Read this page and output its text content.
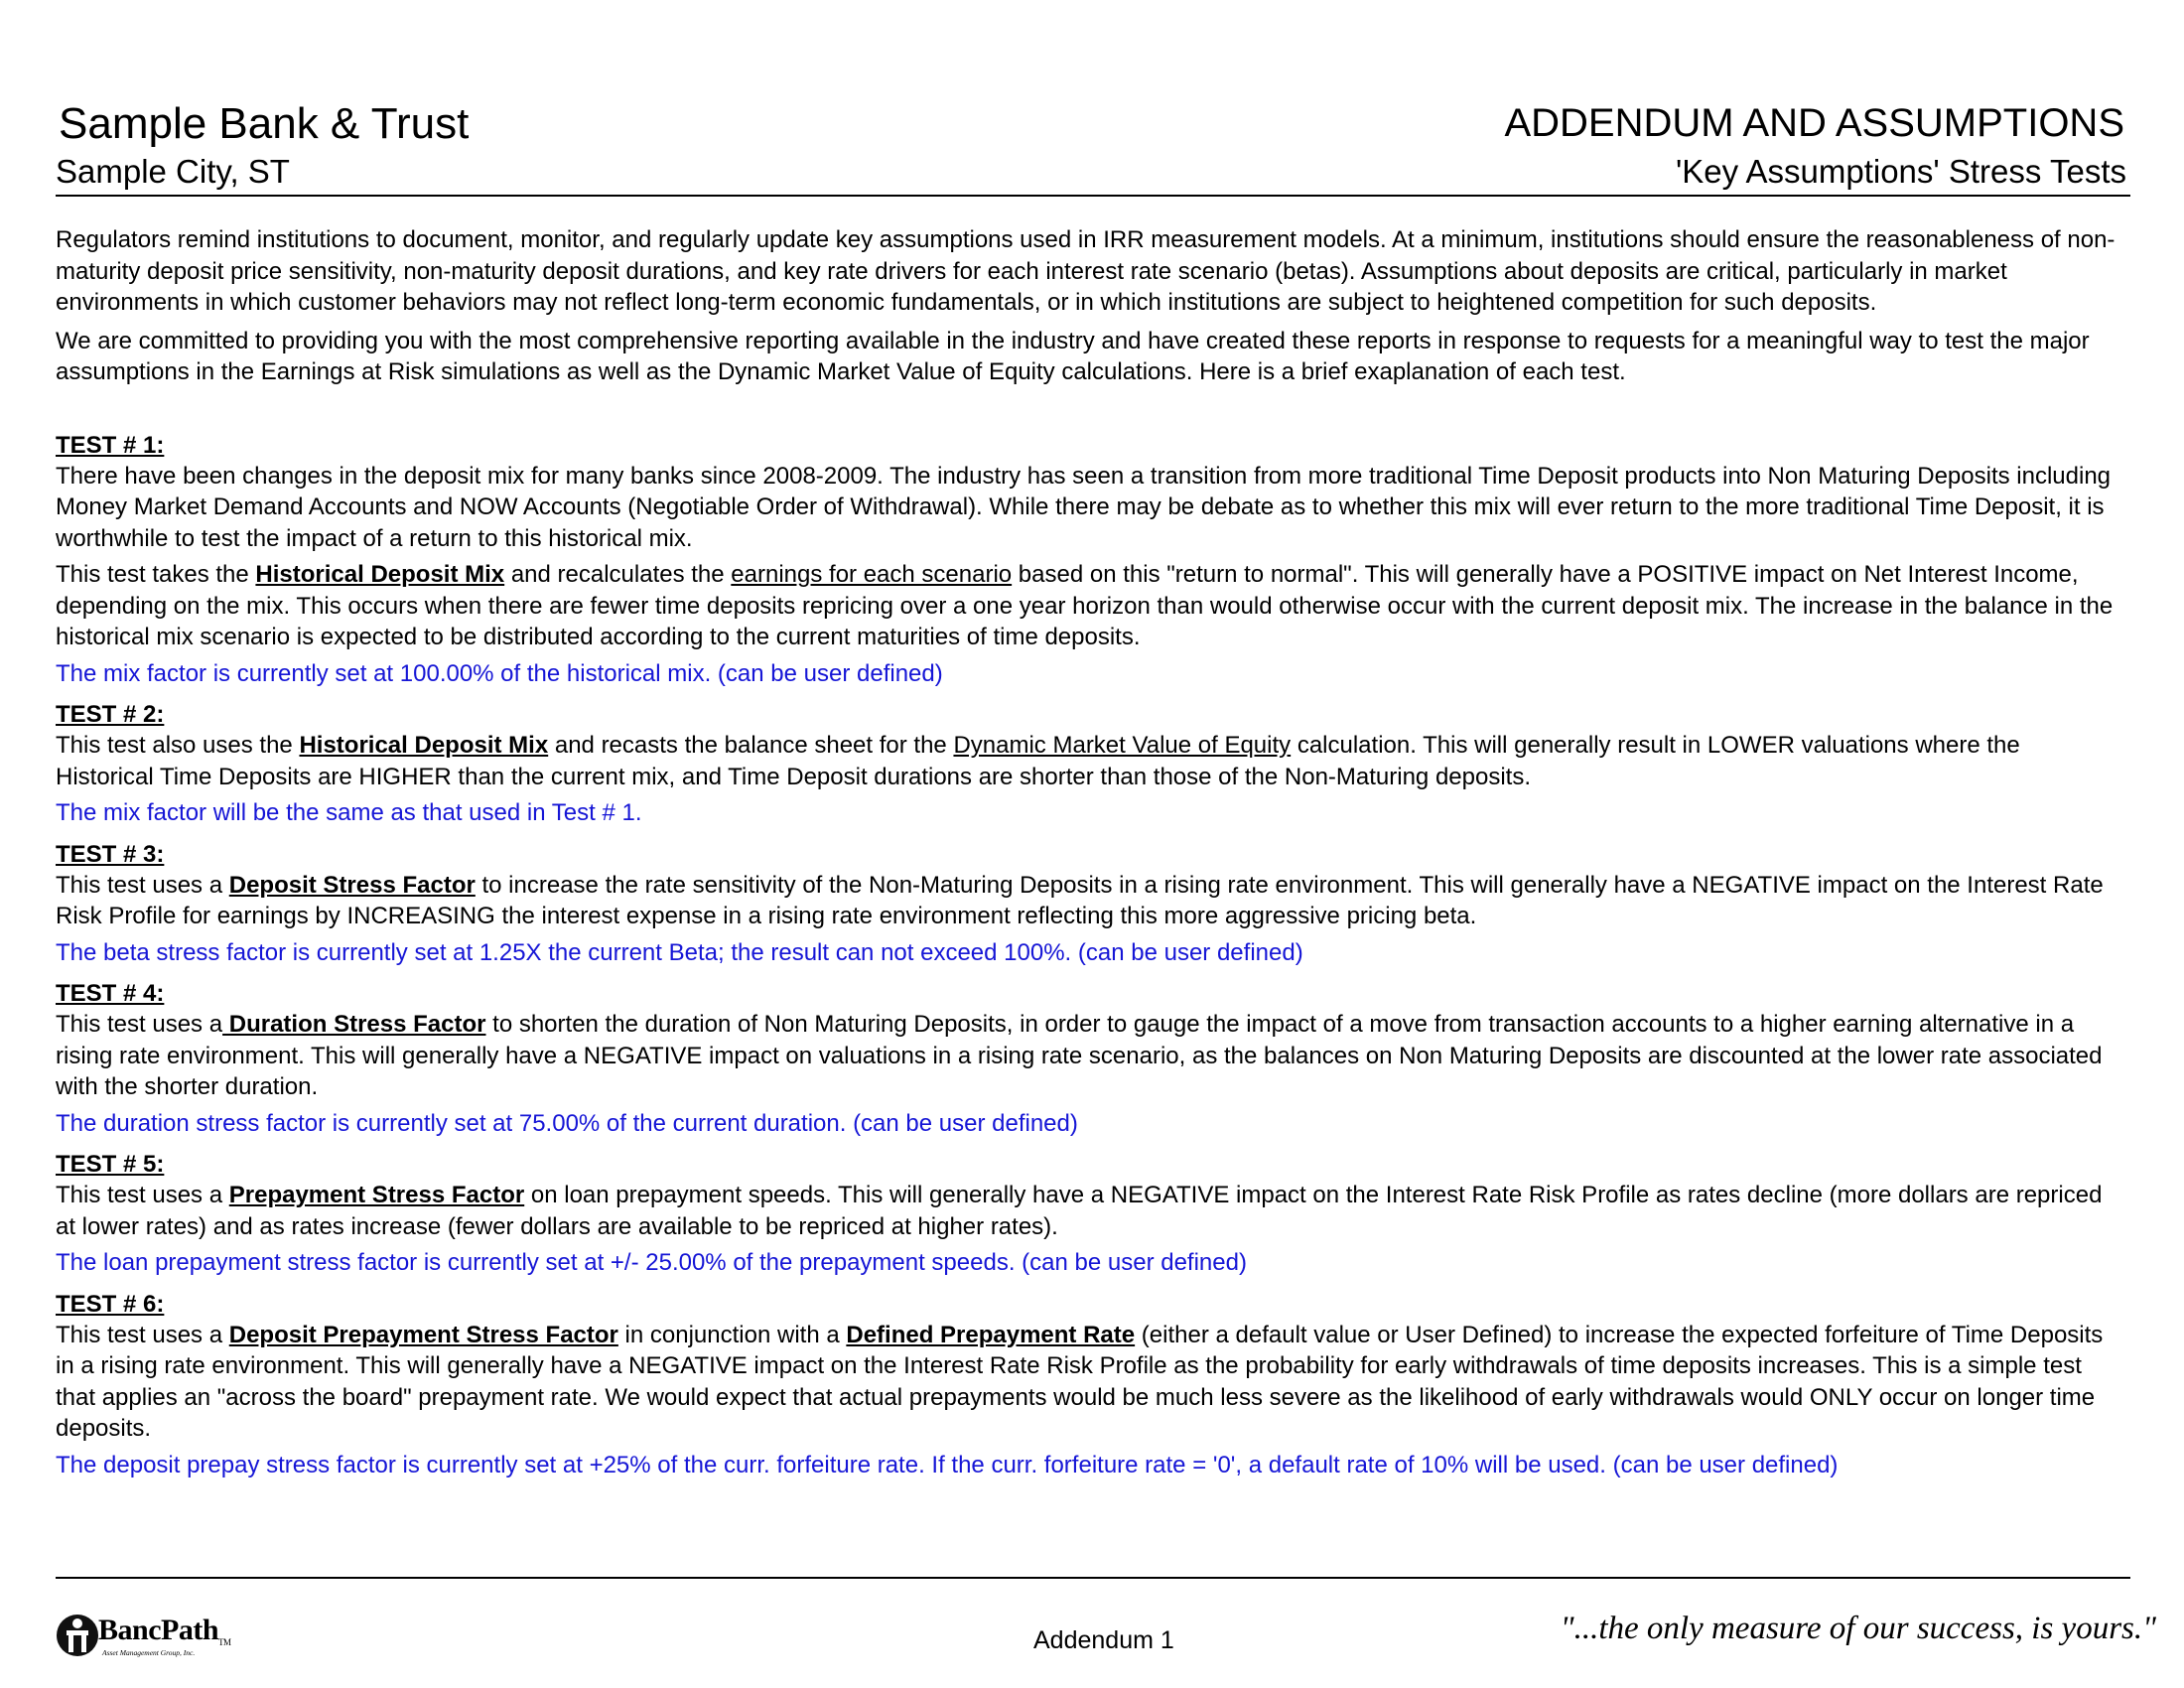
Sample Bank & Trust
Sample City, ST
ADDENDUM AND ASSUMPTIONS
'Key Assumptions' Stress Tests

Regulators remind institutions to document, monitor, and regularly update key assumptions used in IRR measurement models. At a minimum, institutions should ensure the reasonableness of non-maturity deposit price sensitivity, non-maturity deposit durations, and key rate drivers for each interest rate scenario (betas). Assumptions about deposits are critical, particularly in market environments in which customer behaviors may not reflect long-term economic fundamentals, or in which institutions are subject to heightened competition for such deposits.

We are committed to providing you with the most comprehensive reporting available in the industry and have created these reports in response to requests for a meaningful way to test the major assumptions in the Earnings at Risk simulations as well as the Dynamic Market Value of Equity calculations. Here is a brief exaplanation of each test.

TEST # 1:

There have been changes in the deposit mix for many banks since 2008-2009. The industry has seen a transition from more traditional Time Deposit products into Non Maturing Deposits including Money Market Demand Accounts and NOW Accounts (Negotiable Order of Withdrawal). While there may be debate as to whether this mix will ever return to the more traditional Time Deposit, it is worthwhile to test the impact of a return to this historical mix.

This test takes the Historical Deposit Mix and recalculates the earnings for each scenario based on this "return to normal". This will generally have a POSITIVE impact on Net Interest Income, depending on the mix. This occurs when there are fewer time deposits repricing over a one year horizon than would otherwise occur with the current deposit mix. The increase in the balance in the historical mix scenario is expected to be distributed according to the current maturities of time deposits.

The mix factor is currently set at 100.00% of the historical mix. (can be user defined)

TEST # 2:

This test also uses the Historical Deposit Mix and recasts the balance sheet for the Dynamic Market Value of Equity calculation. This will generally result in LOWER valuations where the Historical Time Deposits are HIGHER than the current mix, and Time Deposit durations are shorter than those of the Non-Maturing deposits.

The mix factor will be the same as that used in Test # 1.

TEST # 3:

This test uses a Deposit Stress Factor to increase the rate sensitivity of the Non-Maturing Deposits in a rising rate environment. This will generally have a NEGATIVE impact on the Interest Rate Risk Profile for earnings by INCREASING the interest expense in a rising rate environment reflecting this more aggressive pricing beta.

The beta stress factor is currently set at 1.25X the current Beta; the result can not exceed 100%. (can be user defined)

TEST # 4:

This test uses a Duration Stress Factor to shorten the duration of Non Maturing Deposits, in order to gauge the impact of a move from transaction accounts to a higher earning alternative in a rising rate environment. This will generally have a NEGATIVE impact on valuations in a rising rate scenario, as the balances on Non Maturing Deposits are discounted at the lower rate associated with the shorter duration.

The duration stress factor is currently set at 75.00% of the current duration. (can be user defined)

TEST # 5:

This test uses a Prepayment Stress Factor on loan prepayment speeds. This will generally have a NEGATIVE impact on the Interest Rate Risk Profile as rates decline (more dollars are repriced at lower rates) and as rates increase (fewer dollars are available to be repriced at higher rates).

The loan prepayment stress factor is currently set at +/- 25.00% of the prepayment speeds. (can be user defined)

TEST # 6:

This test uses a Deposit Prepayment Stress Factor in conjunction with a Defined Prepayment Rate (either a default value or User Defined) to increase the expected forfeiture of Time Deposits in a rising rate environment. This will generally have a NEGATIVE impact on the Interest Rate Risk Profile as the probability for early withdrawals of time deposits increases. This is a simple test that applies an "across the board" prepayment rate. We would expect that actual prepayments would be much less severe as the likelihood of early withdrawals would ONLY occur on longer time deposits.

The deposit prepay stress factor is currently set at +25% of the curr. forfeiture rate. If the curr. forfeiture rate = '0', a default rate of 10% will be used. (can be user defined)

BancPathTM
Asset Management Group, Inc.	Addendum 1	"...the only measure of our success, is yours."
